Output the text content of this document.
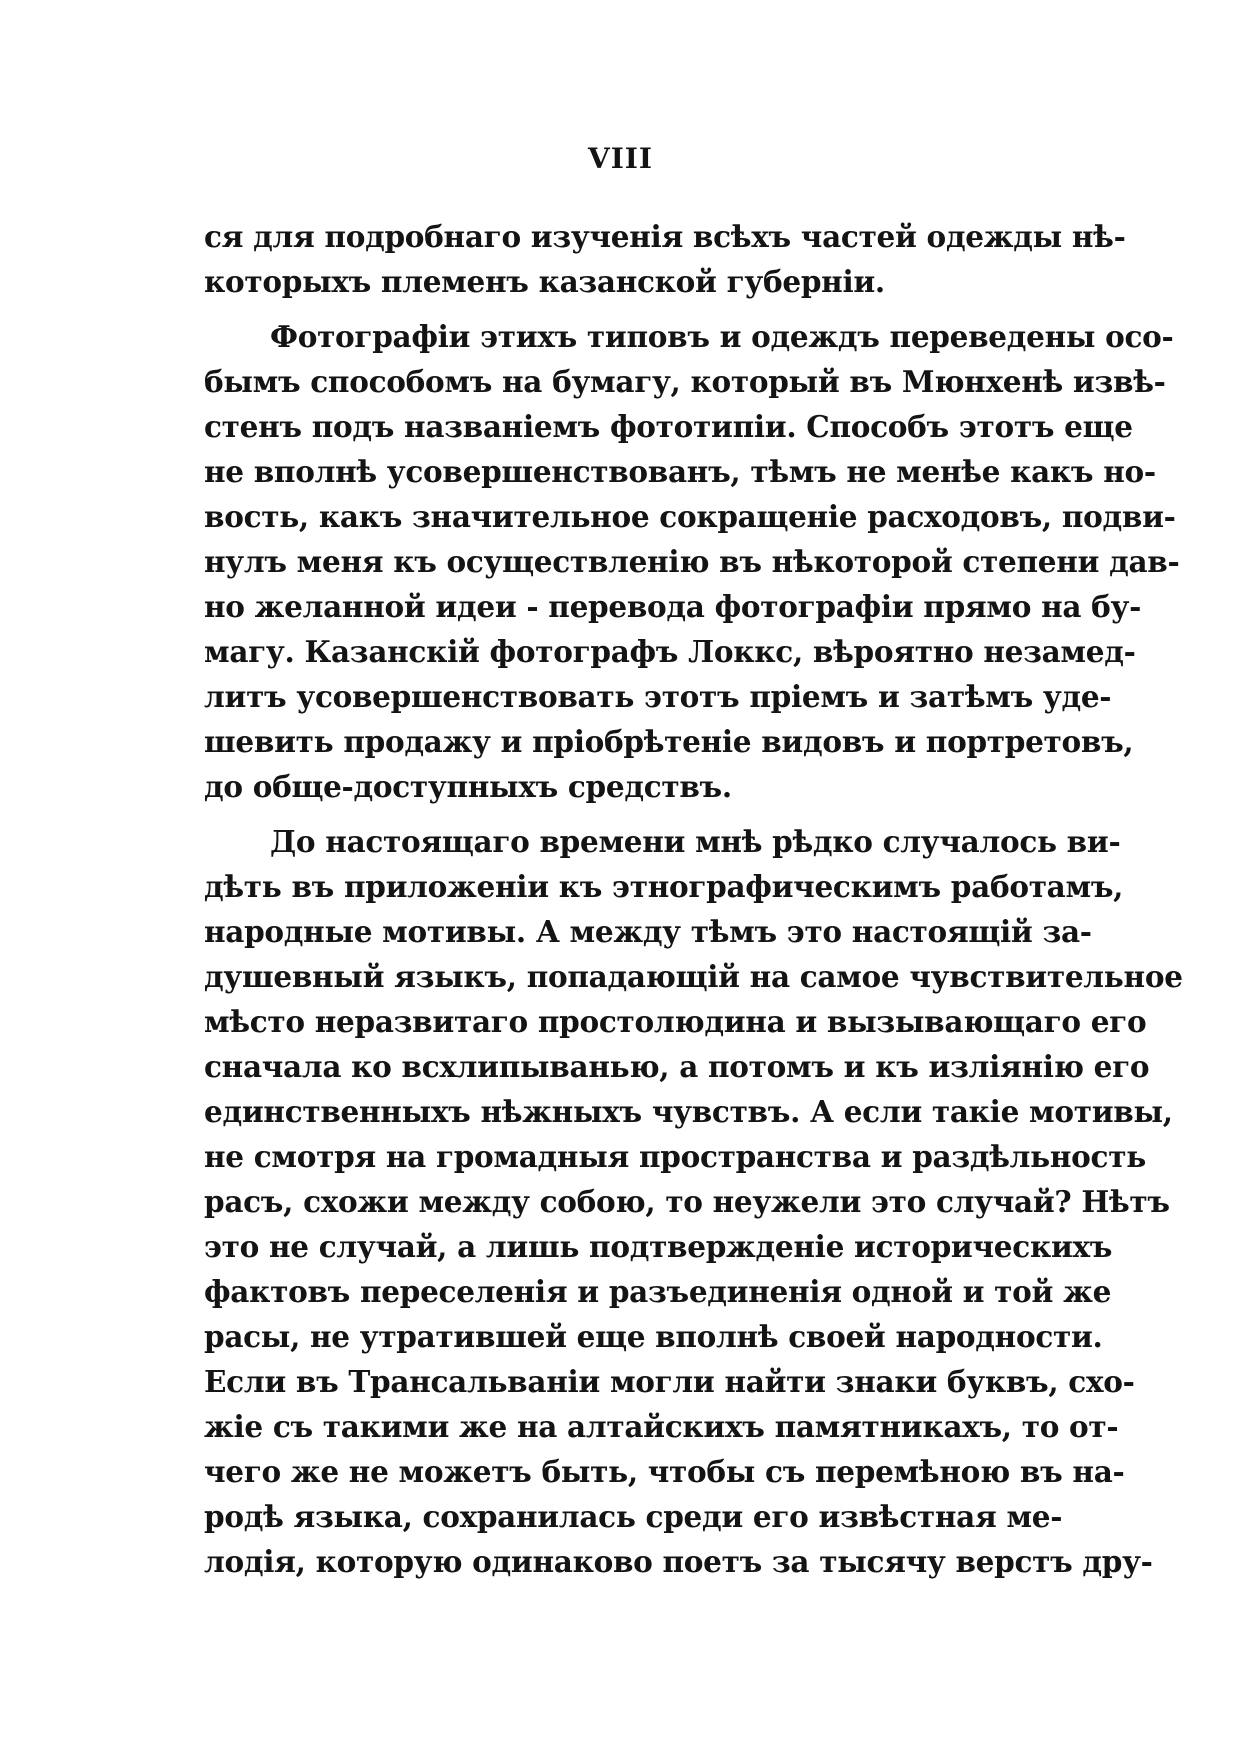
VIII
ся для подробнаго изученія всѣхъ частей одежды нѣ-
которыхъ племенъ казанской губерніи.
Фотографіи этихъ типовъ и одеждъ переведены осо-
бымъ способомъ на бумагу, который въ Мюнхенѣ извѣ-
стенъ подъ названіемъ фототипіи. Способъ этотъ еще
не вполнѣ усовершенствованъ, тѣмъ не менѣе какъ но-
вость, какъ значительное сокращеніе расходовъ, подви-
нулъ меня къ осуществленію въ нѣкоторой степени дав-
но желанной идеи - перевода фотографіи прямо на бу-
магу. Казанскій фотографъ Локкс, вѣроятно незамед-
литъ усовершенствовать этотъ пріемъ и затѣмъ уде-
шевить продажу и пріобрѣтеніе видовъ и портретовъ,
до обще-доступныхъ средствъ.
До настоящаго времени мнѣ рѣдко случалось ви-
дѣть въ приложеніи къ этнографическимъ работамъ,
народные мотивы. А между тѣмъ это настоящій за-
душевный языкъ, попадающій на самое чувствительное
мѣсто неразвитаго простолюдина и вызывающаго его
сначала ко всхлипыванью, а потомъ и къ изліянію его
единственныхъ нѣжныхъ чувствъ. А если такіе мотивы,
не смотря на громадныя пространства и раздѣльность
расъ, схожи между собою, то неужели это случай? Нѣтъ
это не случай, а лишь подтвержденіе историческихъ
фактовъ переселенія и разъединенія одной и той же
расы, не утратившей еще вполнѣ своей народности.
Если въ Трансальваніи могли найти знаки буквъ, схо-
жіе съ такими же на алтайскихъ памятникахъ, то от-
чего же не можетъ быть, чтобы съ перемѣною въ на-
родѣ языка, сохранилась среди его извѣстная ме-
лодія, которую одинаково поетъ за тысячу верстъ дру-
